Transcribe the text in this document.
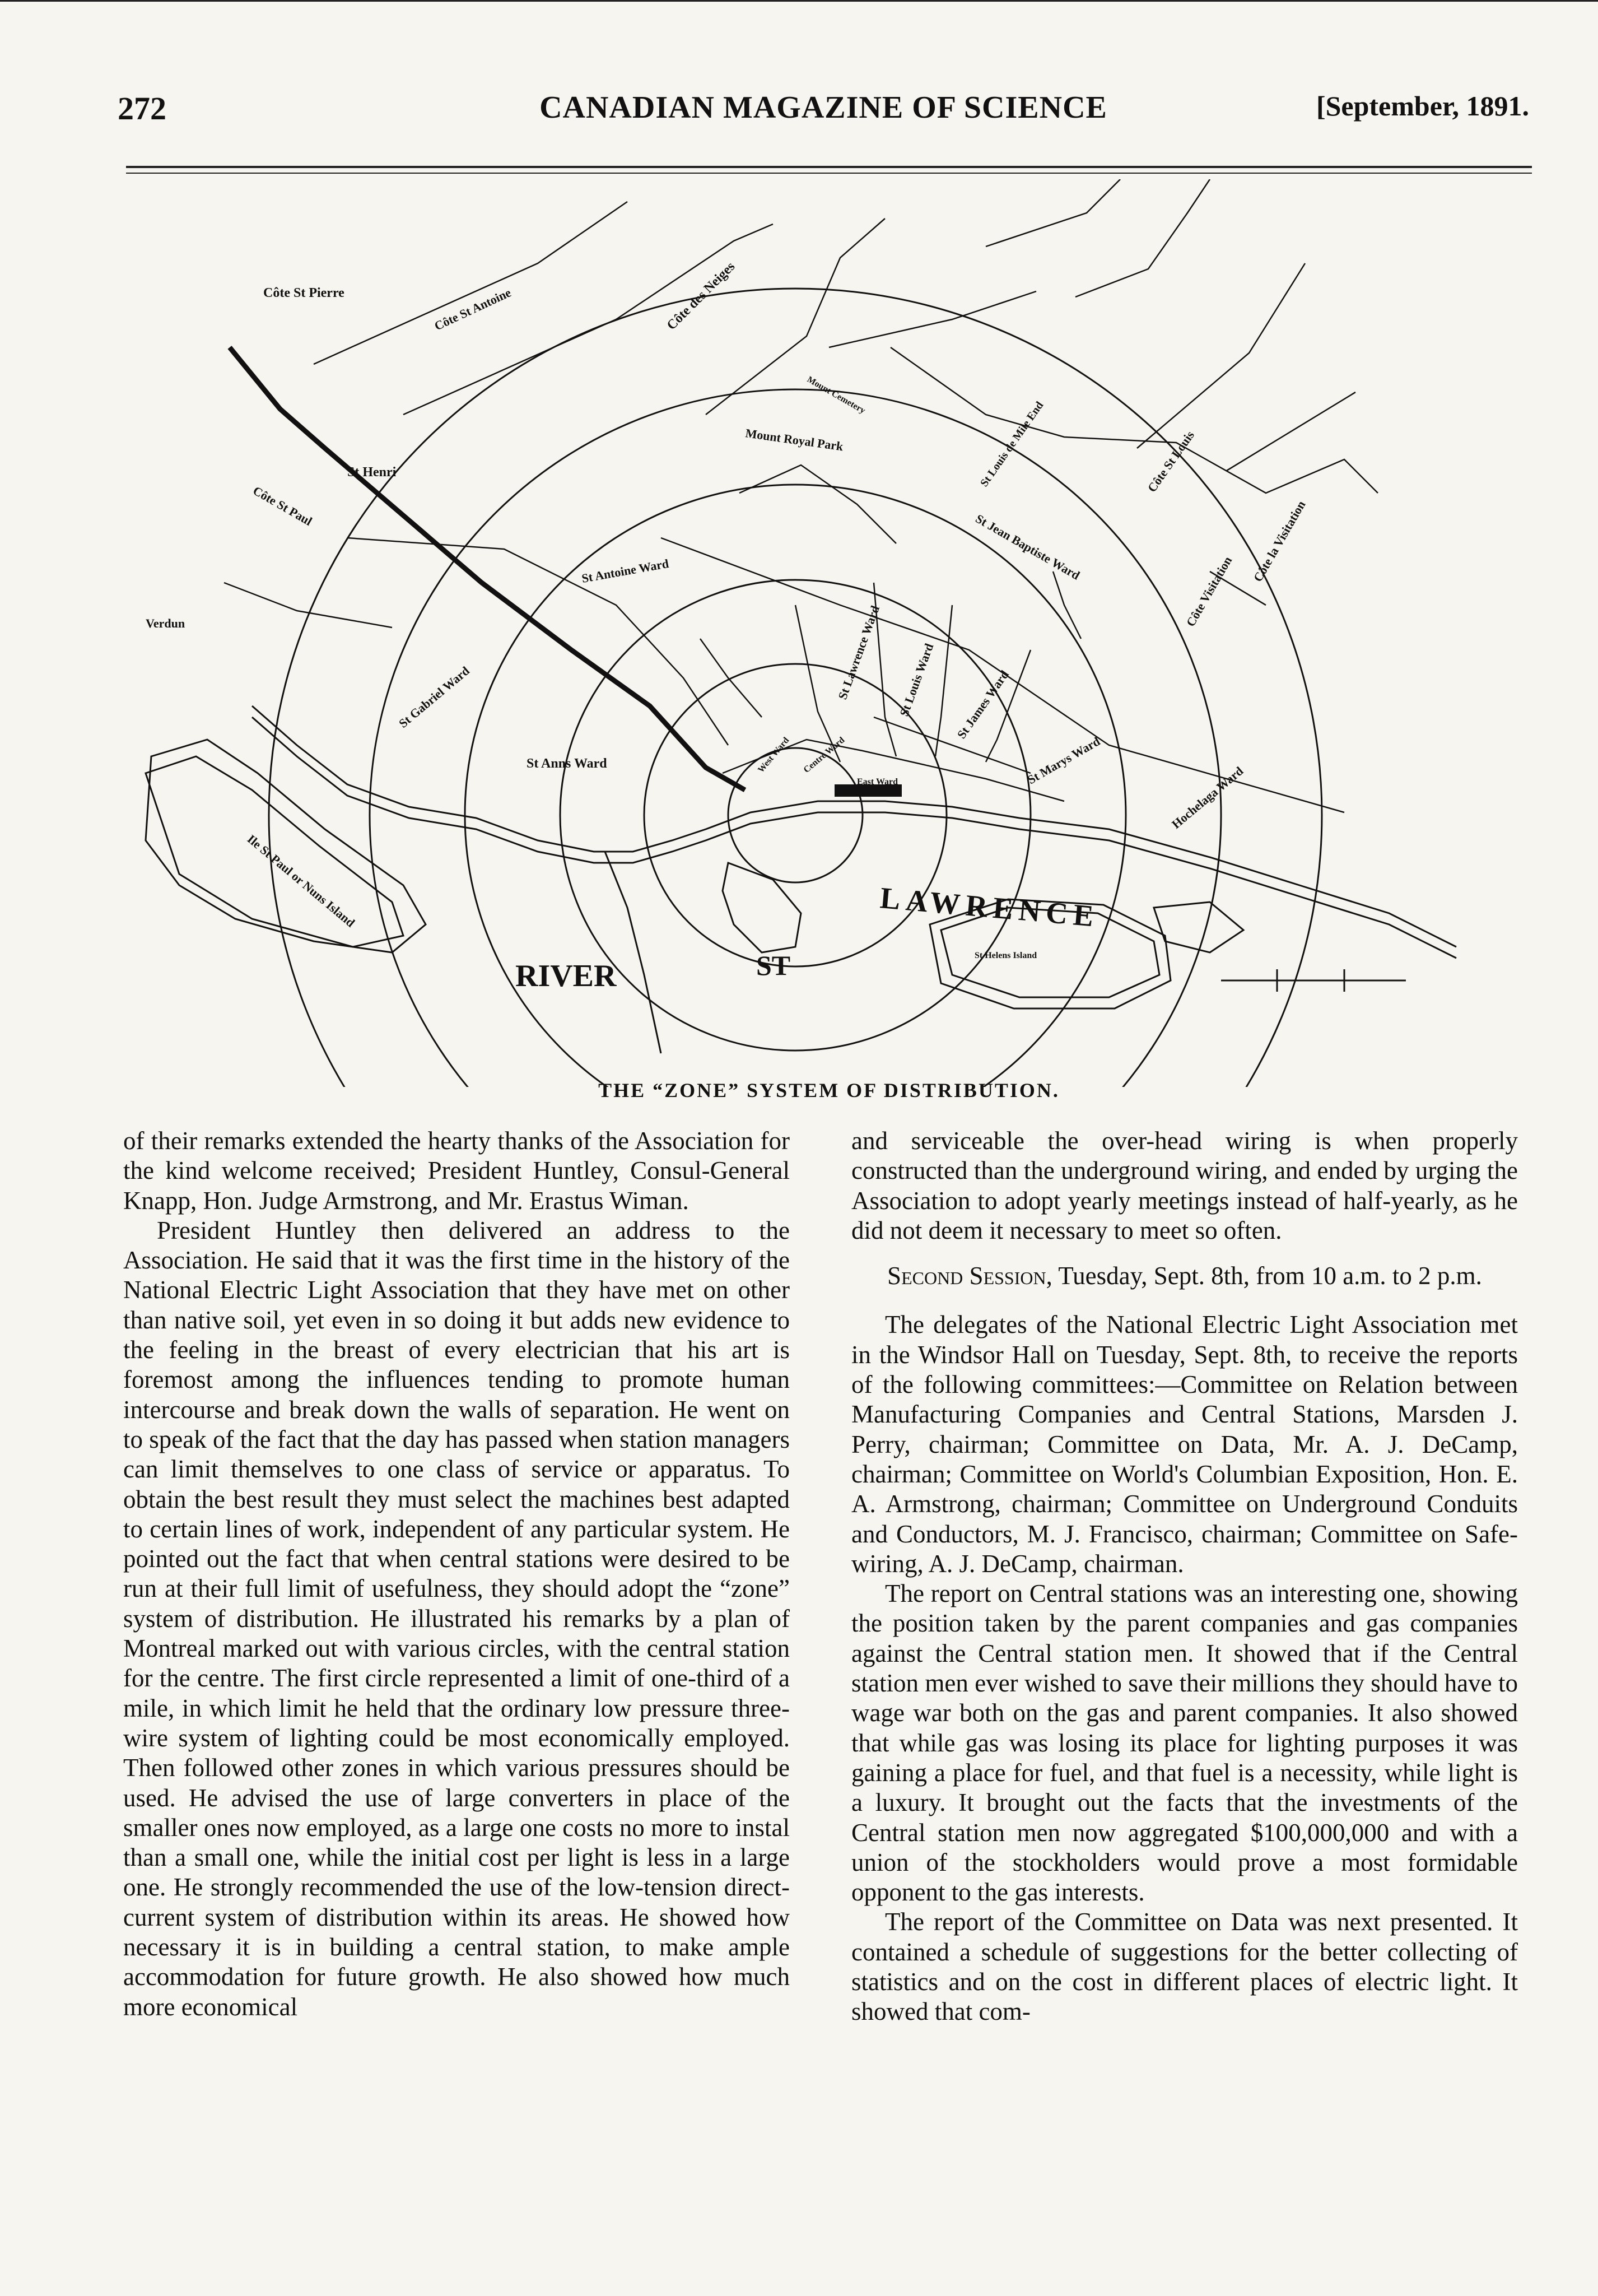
272	CANADIAN MAGAZINE OF SCIENCE	[September, 1891.
Côte St Pierre	Côte St Antoine	Côte des Neiges
Mount Royal Park
Mount Cemetery
St Henri
Côte St Paul
Verdun
St Antoine Ward
St Gabriel Ward
St Anns Ward
St Louis de Mile End	Côte St Louis
Côte la Visitation
St Jean Baptiste Ward
Côte Visitation
St Lawrence Ward St Louis Ward St James Ward
St Marys Ward
Hochelaga Ward
West Ward Centre Ward
East Ward
Ile St Paul or Nuns Island
St Helens Island
RIVER	ST
LAWRENCE
THE “ZONE” SYSTEM OF DISTRIBUTION.

of their remarks extended the hearty thanks of the Association for the kind welcome received; President Huntley, Consul-General Knapp, Hon. Judge Armstrong, and Mr. Erastus Wiman.

President Huntley then delivered an address to the Association. He said that it was the first time in the history of the National Electric Light Association that they have met on other than native soil, yet even in so doing it but adds new evidence to the feeling in the breast of every electrician that his art is foremost among the influences tending to promote human intercourse and break down the walls of separation. He went on to speak of the fact that the day has passed when station managers can limit themselves to one class of service or apparatus. To obtain the best result they must select the machines best adapted to certain lines of work, independent of any particular system. He pointed out the fact that when central stations were desired to be run at their full limit of usefulness, they should adopt the “zone” system of distribution. He illustrated his remarks by a plan of Montreal marked out with various circles, with the central station for the centre. The first circle represented a limit of one-third of a mile, in which limit he held that the ordinary low pressure three-wire system of lighting could be most economically employed. Then followed other zones in which various pressures should be used. He advised the use of large converters in place of the smaller ones now employed, as a large one costs no more to instal than a small one, while the initial cost per light is less in a large one. He strongly recommended the use of the low-tension direct-current system of distribution within its areas. He showed how necessary it is in building a central station, to make ample accommodation for future growth. He also showed how much more economical

and serviceable the over-head wiring is when properly constructed than the underground wiring, and ended by urging the Association to adopt yearly meetings instead of half-yearly, as he did not deem it necessary to meet so often.

Second Session, Tuesday, Sept. 8th, from 10 a.m. to 2 p.m.

The delegates of the National Electric Light Association met in the Windsor Hall on Tuesday, Sept. 8th, to receive the reports of the following committees:—Committee on Relation between Manufacturing Companies and Central Stations, Marsden J. Perry, chairman; Committee on Data, Mr. A. J. DeCamp, chairman; Committee on World's Columbian Exposition, Hon. E. A. Armstrong, chairman; Committee on Underground Conduits and Conductors, M. J. Francisco, chairman; Committee on Safe-wiring, A. J. DeCamp, chairman.

The report on Central stations was an interesting one, showing the position taken by the parent companies and gas companies against the Central station men. It showed that if the Central station men ever wished to save their millions they should have to wage war both on the gas and parent companies. It also showed that while gas was losing its place for lighting purposes it was gaining a place for fuel, and that fuel is a necessity, while light is a luxury. It brought out the facts that the investments of the Central station men now aggregated $100,000,000 and with a union of the stockholders would prove a most formidable opponent to the gas interests.

The report of the Committee on Data was next presented. It contained a schedule of suggestions for the better collecting of statistics and on the cost in different places of electric light. It showed that com-
